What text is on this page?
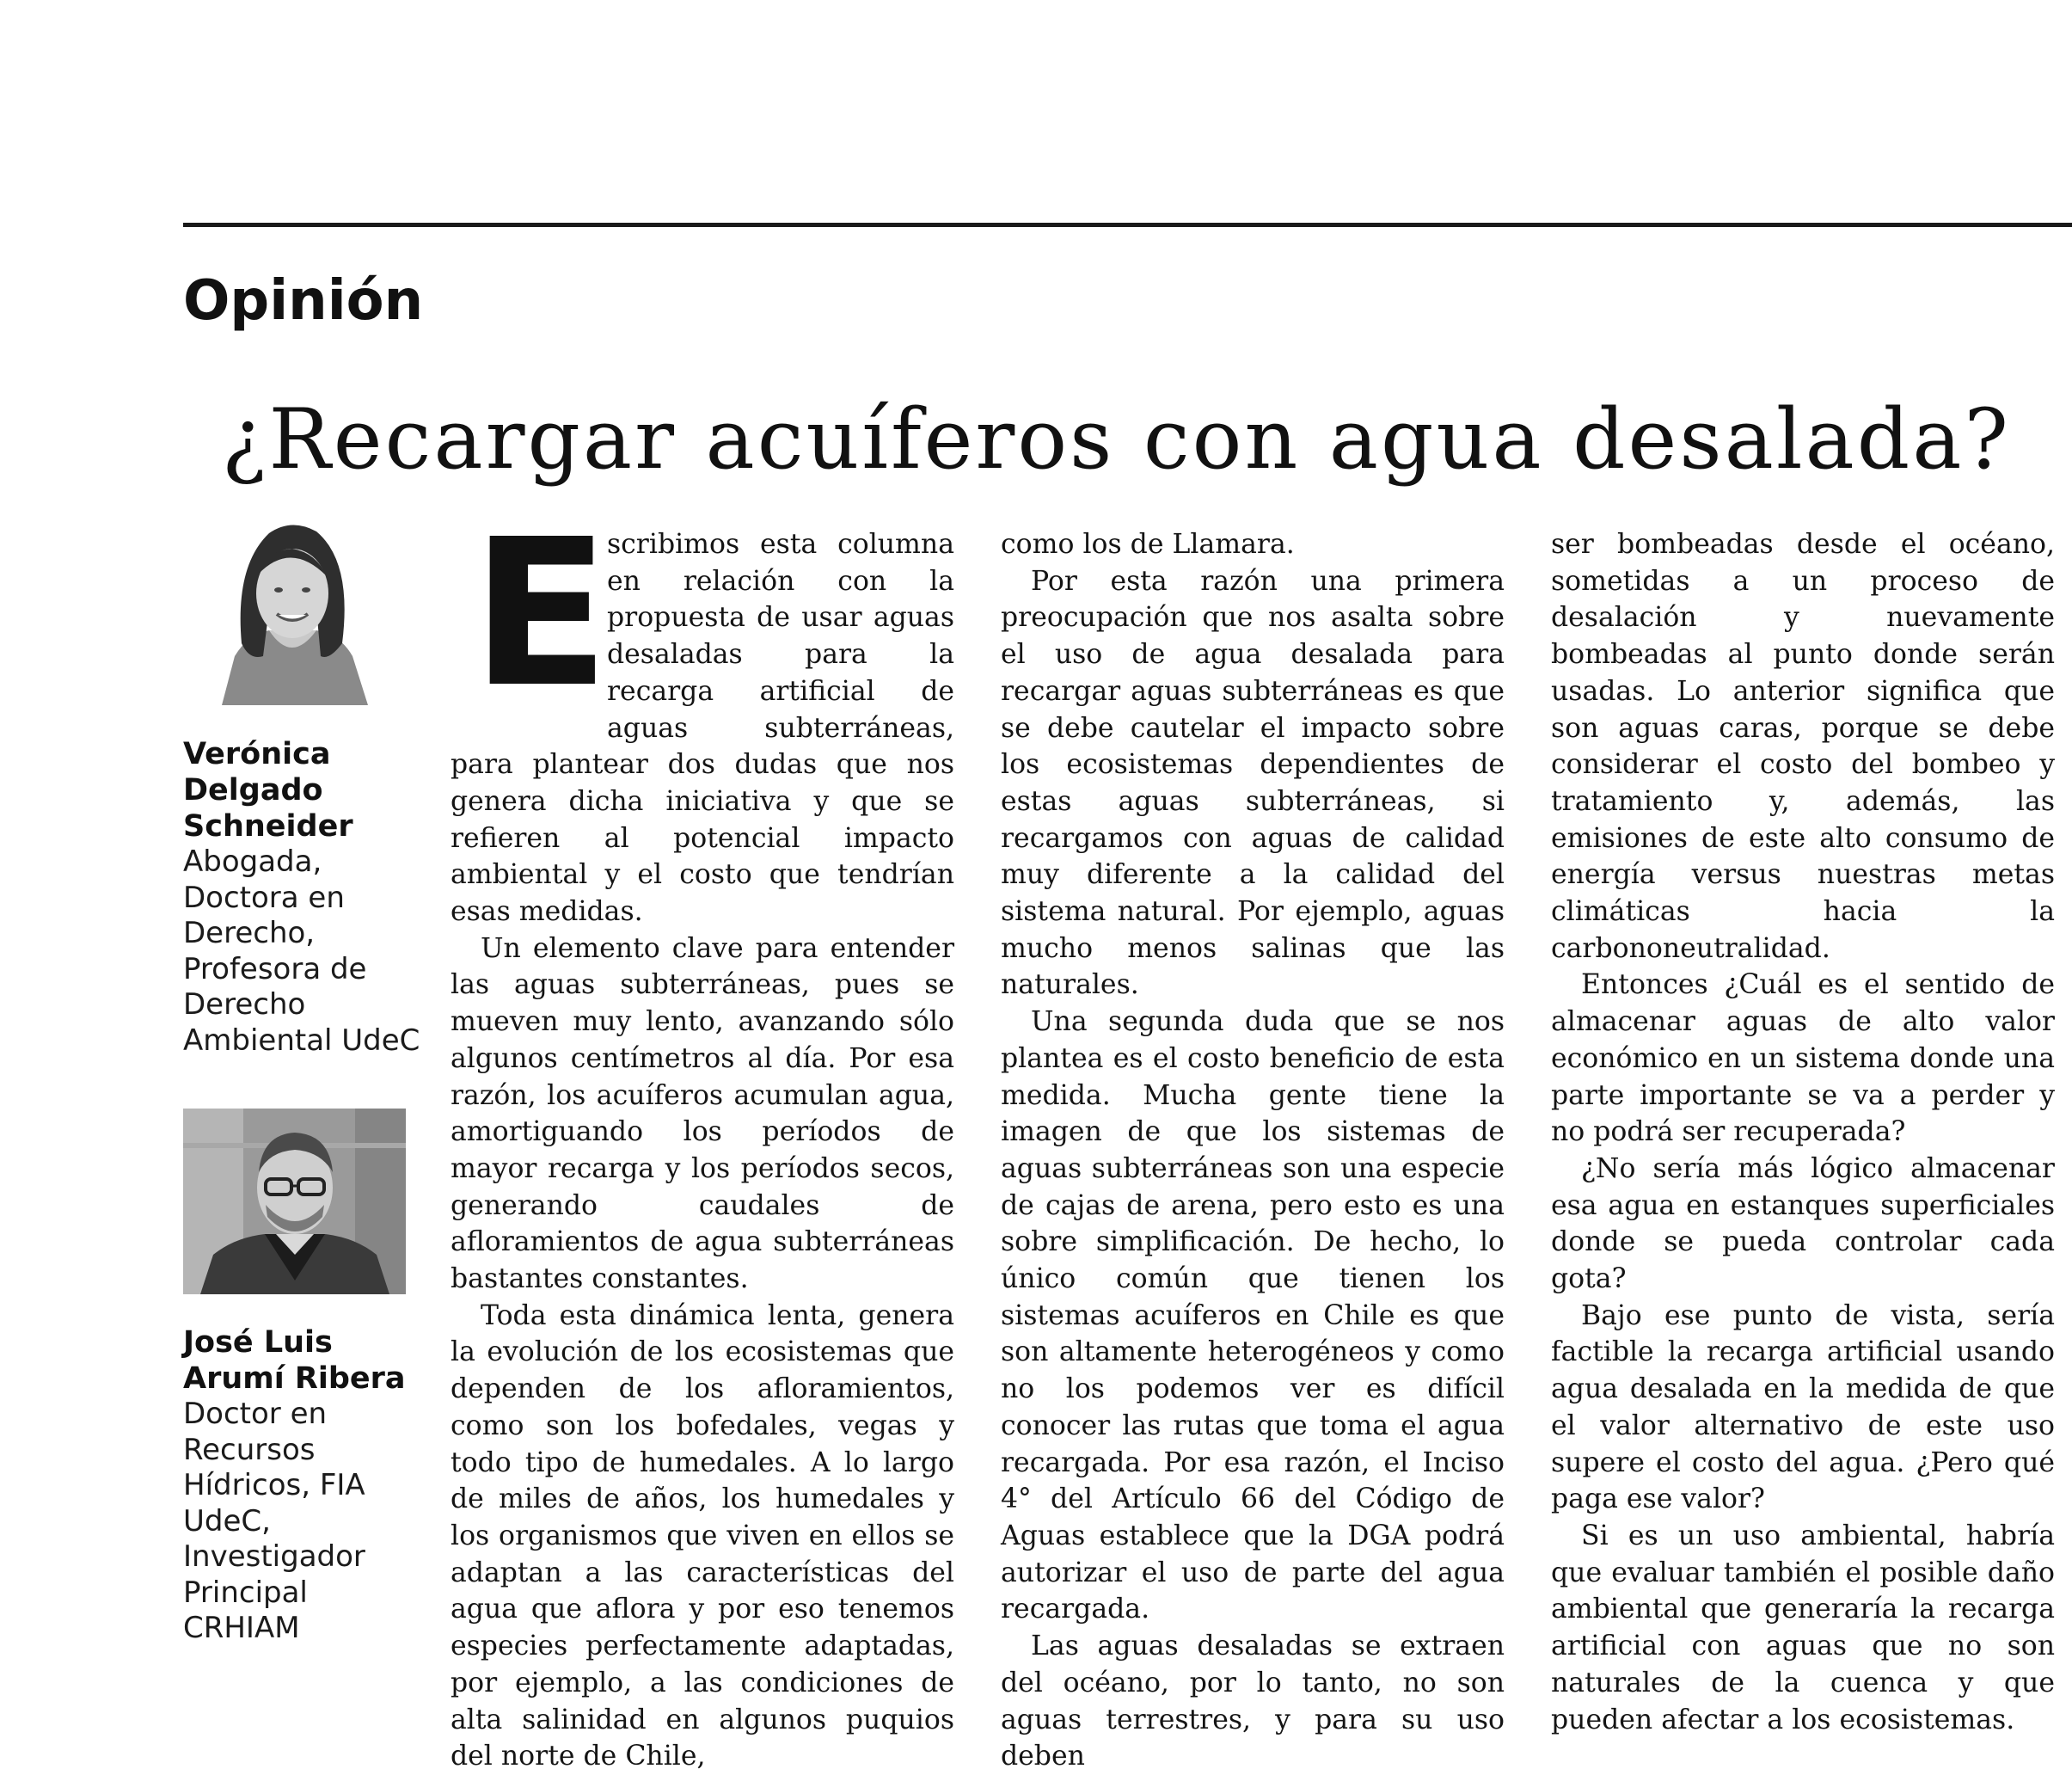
Opinión
¿Recargar acuíferos con agua desalada?
Verónica Delgado Schneider
Abogada, Doctora en Derecho, Profesora de Derecho Ambiental UdeC
José Luis Arumí Ribera
Doctor en Recursos Hídricos, FIA UdeC, Investigador Principal CRHIAM
E

scribimos esta columna en relación con la propuesta de usar aguas desaladas para la recarga artificial de aguas subterráneas, para plantear dos dudas que nos genera dicha iniciativa y que se refieren al potencial impacto ambiental y el costo que tendrían esas medidas.

Un elemento clave para entender las aguas subterráneas, pues se mueven muy lento, avanzando sólo algunos centímetros al día. Por esa razón, los acuíferos acumulan agua, amortiguando los períodos de mayor recarga y los períodos secos, generando caudales de afloramientos de agua subterráneas bastantes constantes.

Toda esta dinámica lenta, genera la evolución de los ecosistemas que dependen de los afloramientos, como son los bofedales, vegas y todo tipo de humedales. A lo largo de miles de años, los humedales y los organismos que viven en ellos se adaptan a las características del agua que aflora y por eso tenemos especies perfectamente adaptadas, por ejemplo, a las condiciones de alta salinidad en algunos puquios del norte de Chile,

como los de Llamara.

Por esta razón una primera preocupación que nos asalta sobre el uso de agua desalada para recargar aguas subterráneas es que se debe cautelar el impacto sobre los ecosistemas dependientes de estas aguas subterráneas, si recargamos con aguas de calidad muy diferente a la calidad del sistema natural. Por ejemplo, aguas mucho menos salinas que las naturales.

Una segunda duda que se nos plantea es el costo beneficio de esta medida. Mucha gente tiene la imagen de que los sistemas de aguas subterráneas son una especie de cajas de arena, pero esto es una sobre simplificación. De hecho, lo único común que tienen los sistemas acuíferos en Chile es que son altamente heterogéneos y como no los podemos ver es difícil conocer las rutas que toma el agua recargada. Por esa razón, el Inciso 4° del Artículo 66 del Código de Aguas establece que la DGA podrá autorizar el uso de parte del agua recargada.

Las aguas desaladas se extraen del océano, por lo tanto, no son aguas terrestres, y para su uso deben

ser bombeadas desde el océano, sometidas a un proceso de desalación y nuevamente bombeadas al punto donde serán usadas. Lo anterior significa que son aguas caras, porque se debe considerar el costo del bombeo y tratamiento y, además, las emisiones de este alto consumo de energía versus nuestras metas climáticas hacia la carbononeutralidad.

Entonces ¿Cuál es el sentido de almacenar aguas de alto valor económico en un sistema donde una parte importante se va a perder y no podrá ser recuperada?

¿No sería más lógico almacenar esa agua en estanques superficiales donde se pueda controlar cada gota?

Bajo ese punto de vista, sería factible la recarga artificial usando agua desalada en la medida de que el valor alternativo de este uso supere el costo del agua. ¿Pero qué paga ese valor?

Si es un uso ambiental, habría que evaluar también el posible daño ambiental que generaría la recarga artificial con aguas que no son naturales de la cuenca y que pueden afectar a los ecosistemas.
